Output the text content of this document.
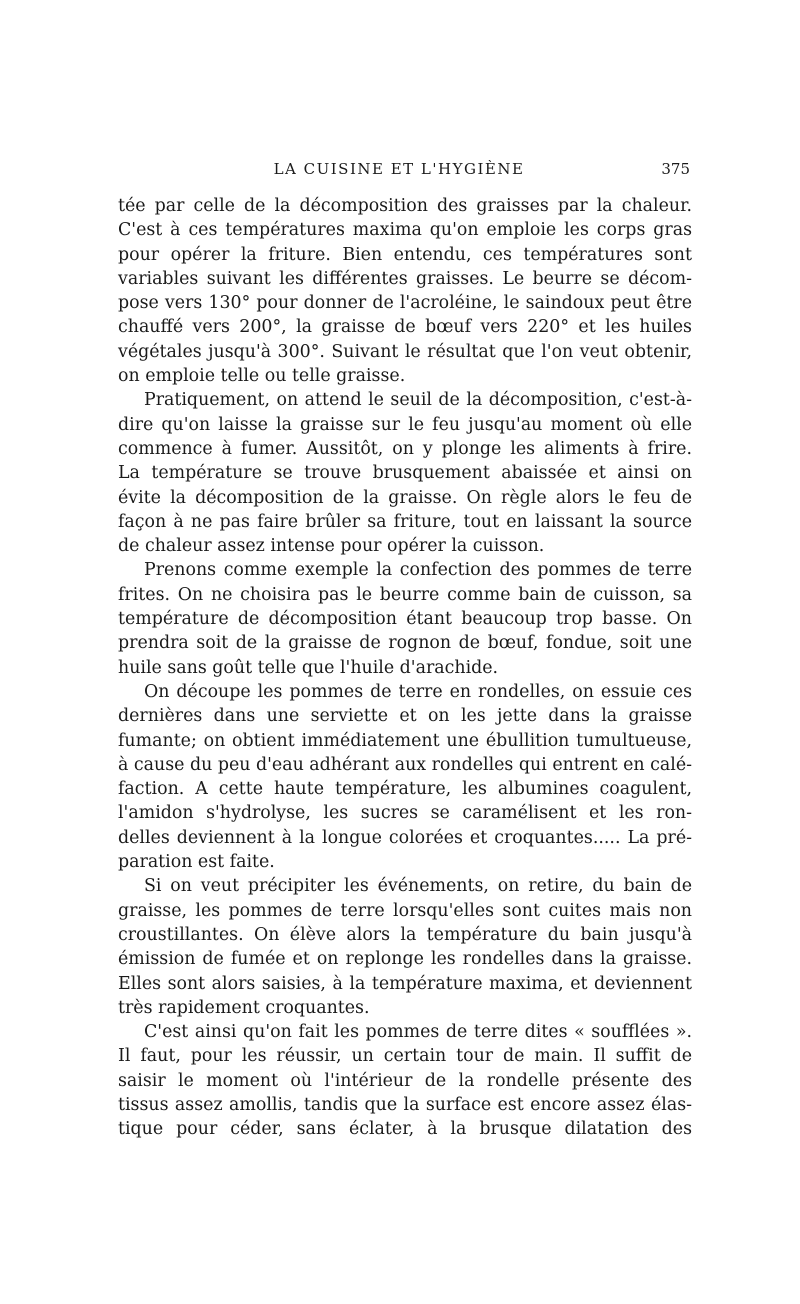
LA CUISINE ET L'HYGIÈNE	375

tée par celle de la décomposition des graisses par la chaleur.
C'est à ces températures maxima qu'on emploie les corps gras
pour opérer la friture. Bien entendu, ces températures sont
variables suivant les différentes graisses. Le beurre se décom-
pose vers 130° pour donner de l'acroléine, le saindoux peut être
chauffé vers 200°, la graisse de bœuf vers 220° et les huiles
végétales jusqu'à 300°. Suivant le résultat que l'on veut obtenir,
on emploie telle ou telle graisse.

Pratiquement, on attend le seuil de la décomposition, c'est-à-
dire qu'on laisse la graisse sur le feu jusqu'au moment où elle
commence à fumer. Aussitôt, on y plonge les aliments à frire.
La température se trouve brusquement abaissée et ainsi on
évite la décomposition de la graisse. On règle alors le feu de
façon à ne pas faire brûler sa friture, tout en laissant la source
de chaleur assez intense pour opérer la cuisson.

Prenons comme exemple la confection des pommes de terre
frites. On ne choisira pas le beurre comme bain de cuisson, sa
température de décomposition étant beaucoup trop basse. On
prendra soit de la graisse de rognon de bœuf, fondue, soit une
huile sans goût telle que l'huile d'arachide.

On découpe les pommes de terre en rondelles, on essuie ces
dernières dans une serviette et on les jette dans la graisse
fumante; on obtient immédiatement une ébullition tumultueuse,
à cause du peu d'eau adhérant aux rondelles qui entrent en calé-
faction. A cette haute température, les albumines coagulent,
l'amidon s'hydrolyse, les sucres se caramélisent et les ron-
delles deviennent à la longue colorées et croquantes..... La pré-
paration est faite.

Si on veut précipiter les événements, on retire, du bain de
graisse, les pommes de terre lorsqu'elles sont cuites mais non
croustillantes. On élève alors la température du bain jusqu'à
émission de fumée et on replonge les rondelles dans la graisse.
Elles sont alors saisies, à la température maxima, et deviennent
très rapidement croquantes.

C'est ainsi qu'on fait les pommes de terre dites « soufflées ».
Il faut, pour les réussir, un certain tour de main. Il suffit de
saisir le moment où l'intérieur de la rondelle présente des
tissus assez amollis, tandis que la surface est encore assez élas-
tique pour céder, sans éclater, à la brusque dilatation des
